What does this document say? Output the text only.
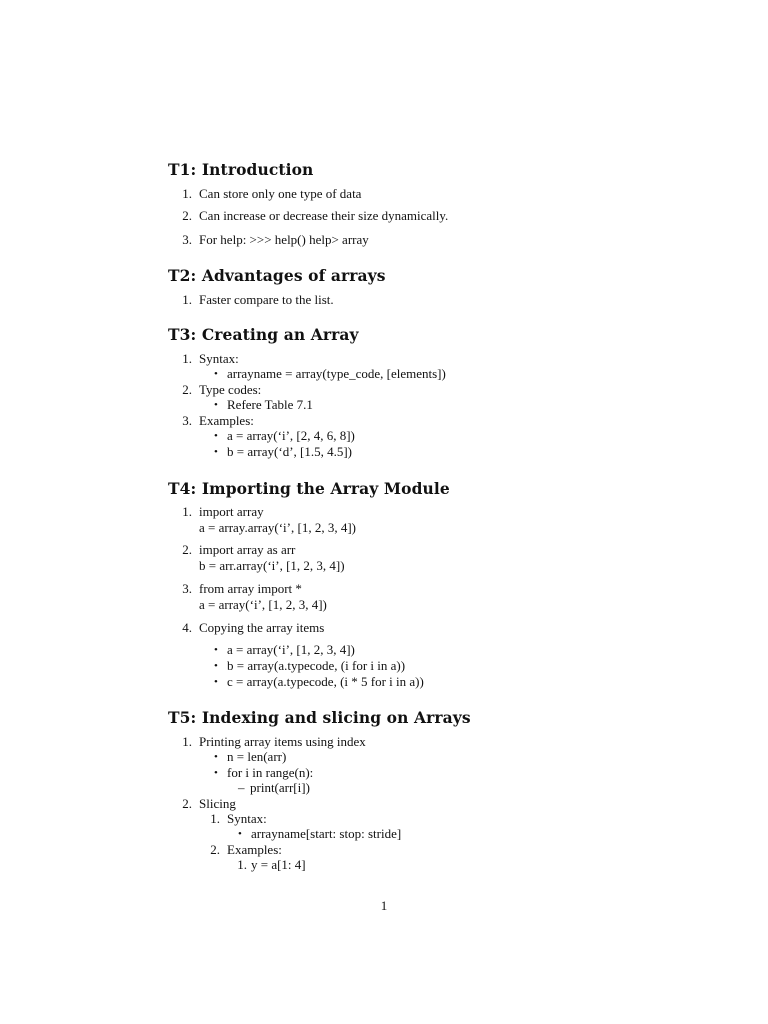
T1: Introduction
1. Can store only one type of data
2. Can increase or decrease their size dynamically.
3. For help: >>> help() help> array
T2: Advantages of arrays
1. Faster compare to the list.
T3: Creating an Array
1. Syntax:
• arrayname = array(type_code, [elements])
2. Type codes:
• Refere Table 7.1
3. Examples:
• a = array(‘i’, [2, 4, 6, 8])
• b = array(‘d’, [1.5, 4.5])
T4: Importing the Array Module
1. import array
a = array.array(‘i’, [1, 2, 3, 4])
2. import array as arr
b = arr.array(‘i’, [1, 2, 3, 4])
3. from array import *
a = array(‘i’, [1, 2, 3, 4])
4. Copying the array items
• a = array(‘i’, [1, 2, 3, 4])
• b = array(a.typecode, (i for i in a))
• c = array(a.typecode, (i * 5 for i in a))
T5: Indexing and slicing on Arrays
1. Printing array items using index
• n = len(arr)
• for i in range(n):
– print(arr[i])
2. Slicing
1. Syntax:
• arrayname[start: stop: stride]
2. Examples:
1. y = a[1: 4]
1
